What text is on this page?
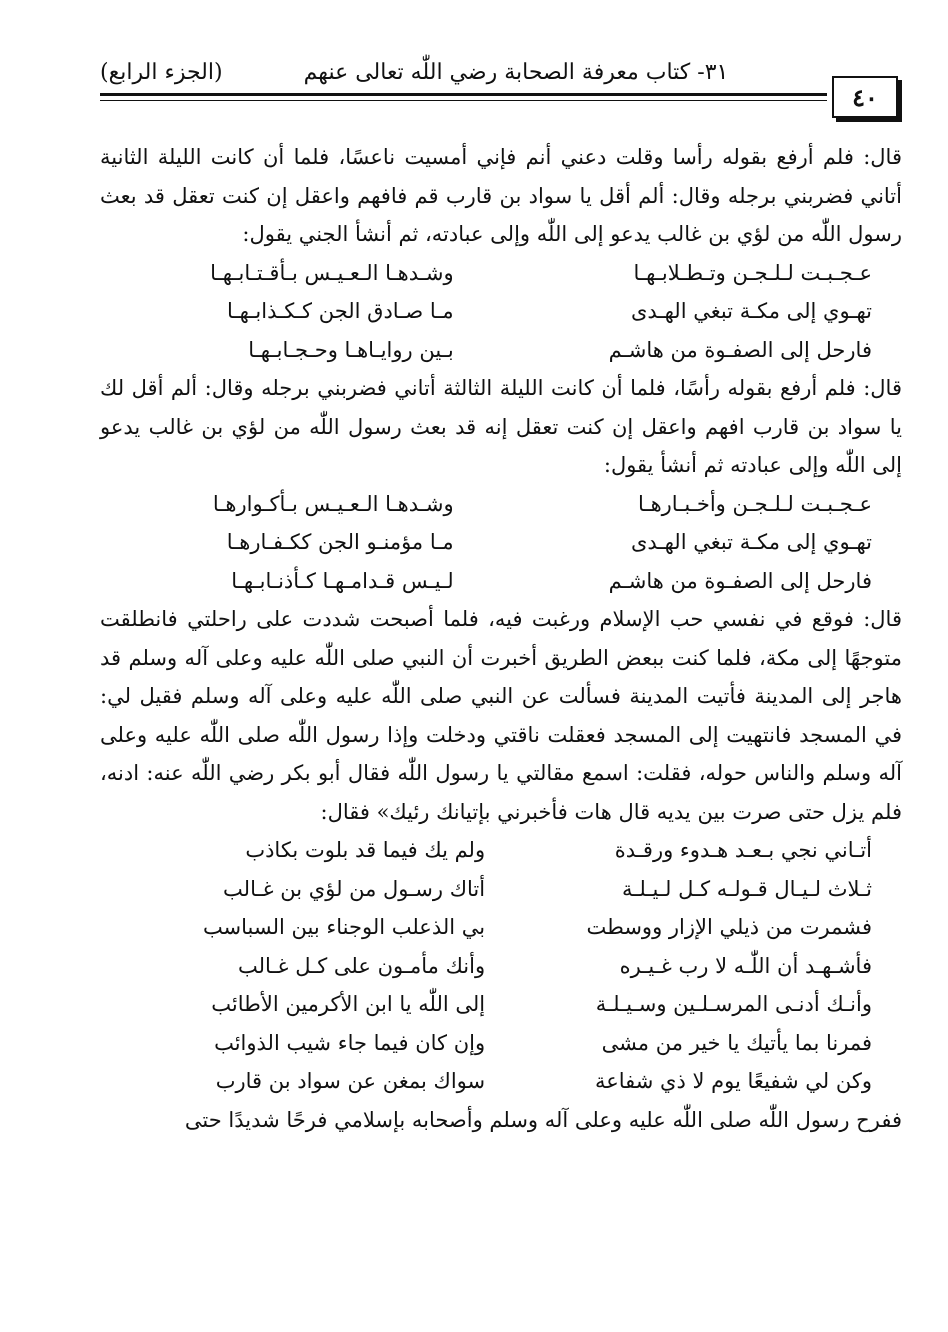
٤٠
٣١- كتاب معرفة الصحابة رضي اللّٰه تعالى عنهم
(الجزء الرابع)

قال: فلم أرفع بقوله رأسا وقلت دعني أنم فإني أمسيت ناعسًا، فلما أن كانت الليلة الثانية أتاني فضربني برجله وقال: ألم أقل يا سواد بن قارب قم فافهم واعقل إن كنت تعقل قد بعث رسول اللّٰه من لؤي بن غالب يدعو إلى اللّٰه وإلى عبادته، ثم أنشأ الجني يقول:

عـجـبـت لـلـجـن وتـطـلابـهـا
وشـدهـا الـعـيـس بـأقـتـابـهـا
تهـوي إلى مكـة تبغي الهـدى
مـا صـادق الجن كـكـذابـهـا
فارحل إلى الصفـوة من هاشـم
بـين روايـاهـا وحـجـابـهـا

قال: فلم أرفع بقوله رأسًا، فلما أن كانت الليلة الثالثة أتاني فضربني برجله وقال: ألم أقل لك يا سواد بن قارب افهم واعقل إن كنت تعقل إنه قد بعث رسول اللّٰه من لؤي بن غالب يدعو إلى اللّٰه وإلى عبادته ثم أنشأ يقول:

عـجـبـت لـلـجـن وأخـبـارهـا
وشـدهـا الـعـيـس بـأكـوارهـا
تهـوي إلى مكـة تبغي الهـدى
مـا مؤمنـو الجن ككـفـارهـا
فارحل إلى الصفـوة من هاشـم
لـيـس قـدامـهـا كـأذنـابـهـا

قال: فوقع في نفسي حب الإسلام ورغبت فيه، فلما أصبحت شددت على راحلتي فانطلقت متوجهًا إلى مكة، فلما كنت ببعض الطريق أخبرت أن النبي صلى اللّٰه عليه وعلى آله وسلم قد هاجر إلى المدينة فأتيت المدينة فسألت عن النبي صلى اللّٰه عليه وعلى آله وسلم فقيل لي: في المسجد فانتهيت إلى المسجد فعقلت ناقتي ودخلت وإذا رسول اللّٰه صلى اللّٰه عليه وعلى آله وسلم والناس حوله، فقلت: اسمع مقالتي يا رسول اللّٰه فقال أبو بكر رضي اللّٰه عنه: ادنه، فلم يزل حتى صرت بين يديه قال هات فأخبرني بإتيانك رئيك» فقال:

أتـاني نجي بـعـد هـدوء ورقـدة
ولم يك فيما قد بلوت بكاذب
ثـلاث لـيـال قـولـه كـل لـيـلـة
أتاك رسـول من لؤي بن غـالب
فشمرت من ذيلي الإزار ووسطت
بي الذعلب الوجناء بين السباسب
فأشـهـد أن اللّٰـه لا رب غـيـره
وأنك مأمـون على كـل غـالب
وأنـك أدنـى المرسـلـين وسـيـلـة
إلى اللّٰه يا ابن الأكرمين الأطائب
فمرنا بما يأتيك يا خير من مشى
وإن كان فيما جاء شيب الذوائب
وكن لي شفيعًا يوم لا ذي شفاعة
سواك بمغن عن سواد بن قارب

ففرح رسول اللّٰه صلى اللّٰه عليه وعلى آله وسلم وأصحابه بإسلامي فرحًا شديدًا حتى
